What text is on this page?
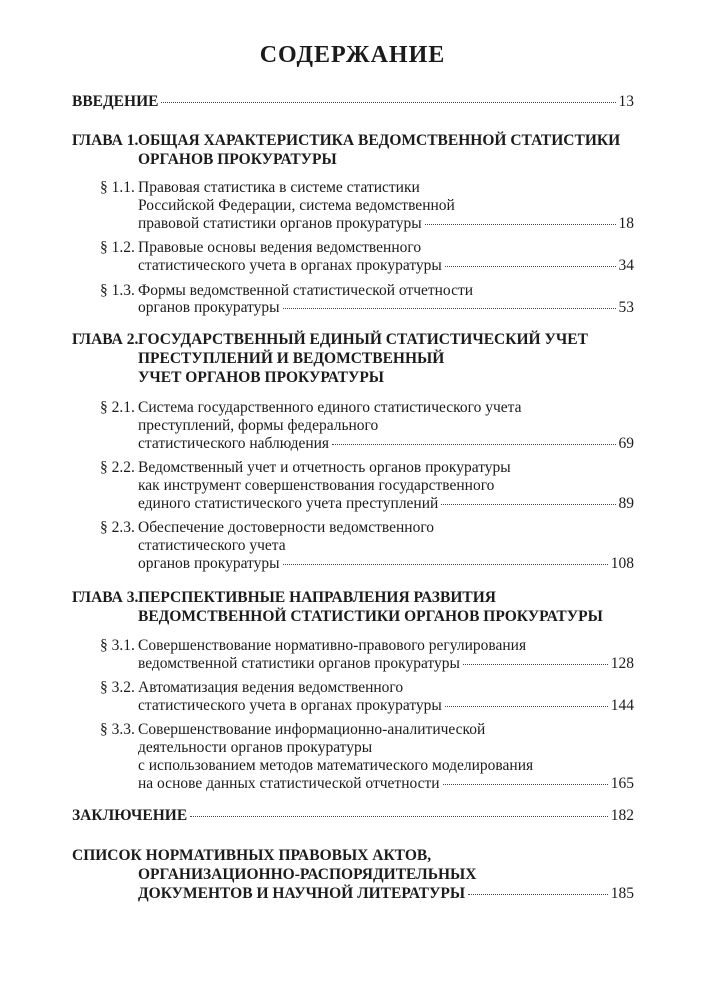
СОДЕРЖАНИЕ
ВВЕДЕНИЕ	13
ГЛАВА 1. ОБЩАЯ ХАРАКТЕРИСТИКА ВЕДОМСТВЕННОЙ СТАТИСТИКИ
ОРГАНОВ ПРОКУРАТУРЫ
§ 1.1. Правовая статистика в системе статистики
Российской Федерации, система ведомственной
правовой статистики органов прокуратуры	18
§ 1.2. Правовые основы ведения ведомственного
статистического учета в органах прокуратуры	34
§ 1.3. Формы ведомственной статистической отчетности
органов прокуратуры	53
ГЛАВА 2. ГОСУДАРСТВЕННЫЙ ЕДИНЫЙ СТАТИСТИЧЕСКИЙ УЧЕТ
ПРЕСТУПЛЕНИЙ И ВЕДОМСТВЕННЫЙ
УЧЕТ ОРГАНОВ ПРОКУРАТУРЫ
§ 2.1. Система государственного единого статистического учета
преступлений, формы федерального
статистического наблюдения	69
§ 2.2. Ведомственный учет и отчетность органов прокуратуры
как инструмент совершенствования государственного
единого статистического учета преступлений	89
§ 2.3. Обеспечение достоверности ведомственного
статистического учета
органов прокуратуры	108
ГЛАВА 3. ПЕРСПЕКТИВНЫЕ НАПРАВЛЕНИЯ РАЗВИТИЯ
ВЕДОМСТВЕННОЙ СТАТИСТИКИ ОРГАНОВ ПРОКУРАТУРЫ
§ 3.1. Совершенствование нормативно-правового регулирования
ведомственной статистики органов прокуратуры	128
§ 3.2. Автоматизация ведения ведомственного
статистического учета в органах прокуратуры	144
§ 3.3. Совершенствование информационно-аналитической
деятельности органов прокуратуры
с использованием методов математического моделирования
на основе данных статистической отчетности	165
ЗАКЛЮЧЕНИЕ	182
СПИСОК НОРМАТИВНЫХ ПРАВОВЫХ АКТОВ,
ОРГАНИЗАЦИОННО-РАСПОРЯДИТЕЛЬНЫХ
ДОКУМЕНТОВ И НАУЧНОЙ ЛИТЕРАТУРЫ	185
